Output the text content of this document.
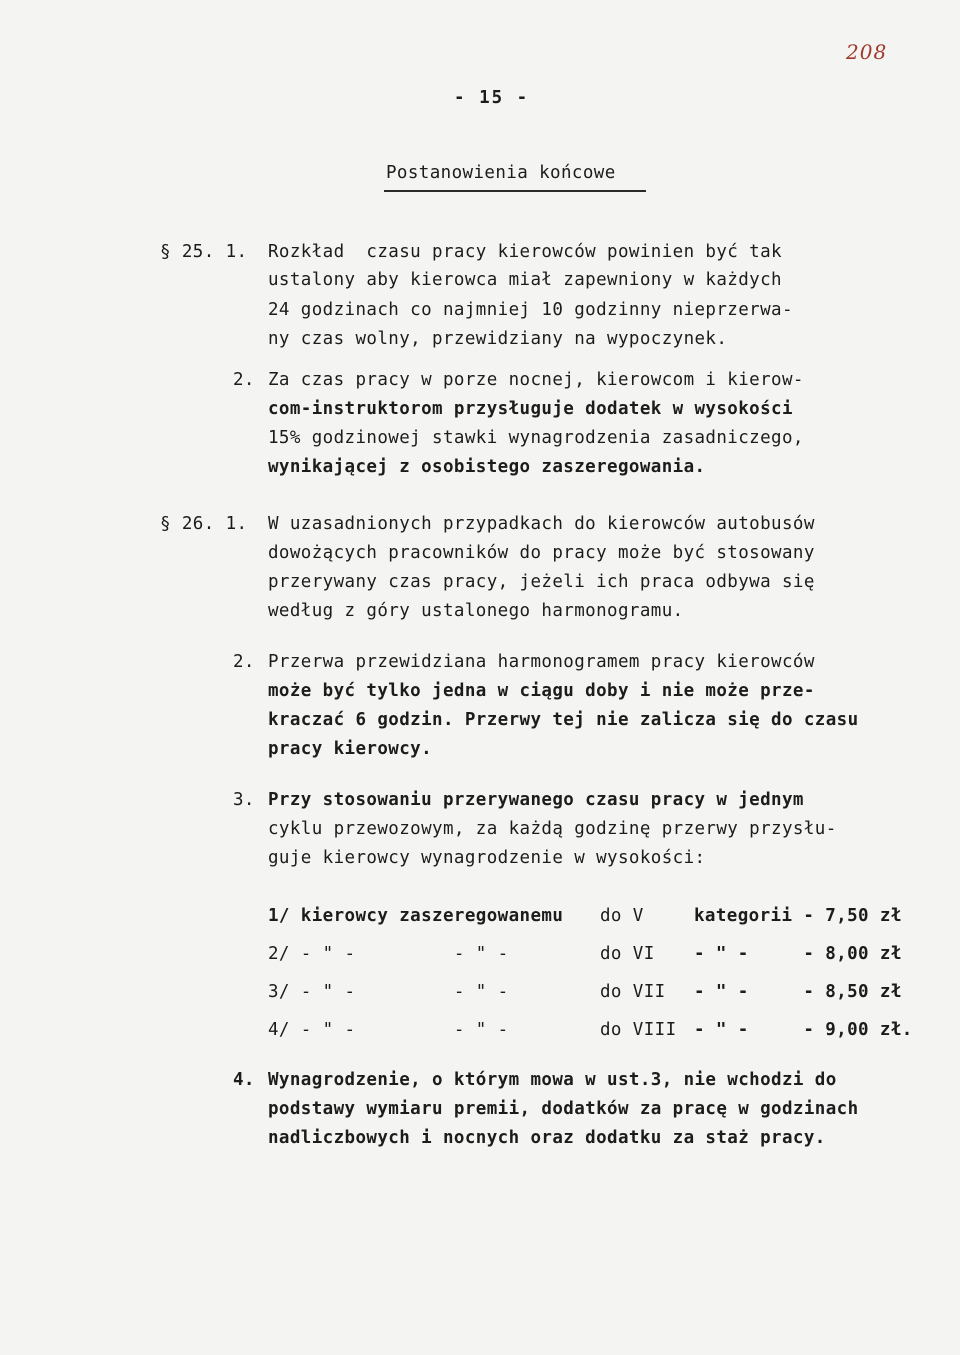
208
- 15 -
Postanowienia końcowe
§ 25. 1. Rozkład  czasu pracy kierowców powinien być tak
ustalony aby kierowca miał zapewniony w każdych
24 godzinach co najmniej 10 godzinny nieprzerwa-
ny czas wolny, przewidziany na wypoczynek.
2. Za czas pracy w porze nocnej, kierowcom i kierow-
com-instruktorom przysługuje dodatek w wysokości
15% godzinowej stawki wynagrodzenia zasadniczego,
wynikającej z osobistego zaszeregowania.
§ 26. 1. W uzasadnionych przypadkach do kierowców autobusów
dowożących pracowników do pracy może być stosowany
przerywany czas pracy, jeżeli ich praca odbywa się
według z góry ustalonego harmonogramu.
2. Przerwa przewidziana harmonogramem pracy kierowców
może być tylko jedna w ciągu doby i nie może prze-
kraczać 6 godzin. Przerwy tej nie zalicza się do czasu
pracy kierowcy.
3. Przy stosowaniu przerywanego czasu pracy w jednym
cyklu przewozowym, za każdą godzinę przerwy przysłu-
guje kierowcy wynagrodzenie w wysokości:
1/ kierowcy zaszeregowanemu do V	kategorii - 7,50 zł
2/ - " -         - " -	do VI - " -     - 8,00 zł
3/ - " -         - " -	do VII - " -     - 8,50 zł
4/ - " -         - " -	do VIII - " -     - 9,00 zł.
4. Wynagrodzenie, o którym mowa w ust.3, nie wchodzi do
podstawy wymiaru premii, dodatków za pracę w godzinach
nadliczbowych i nocnych oraz dodatku za staż pracy.
